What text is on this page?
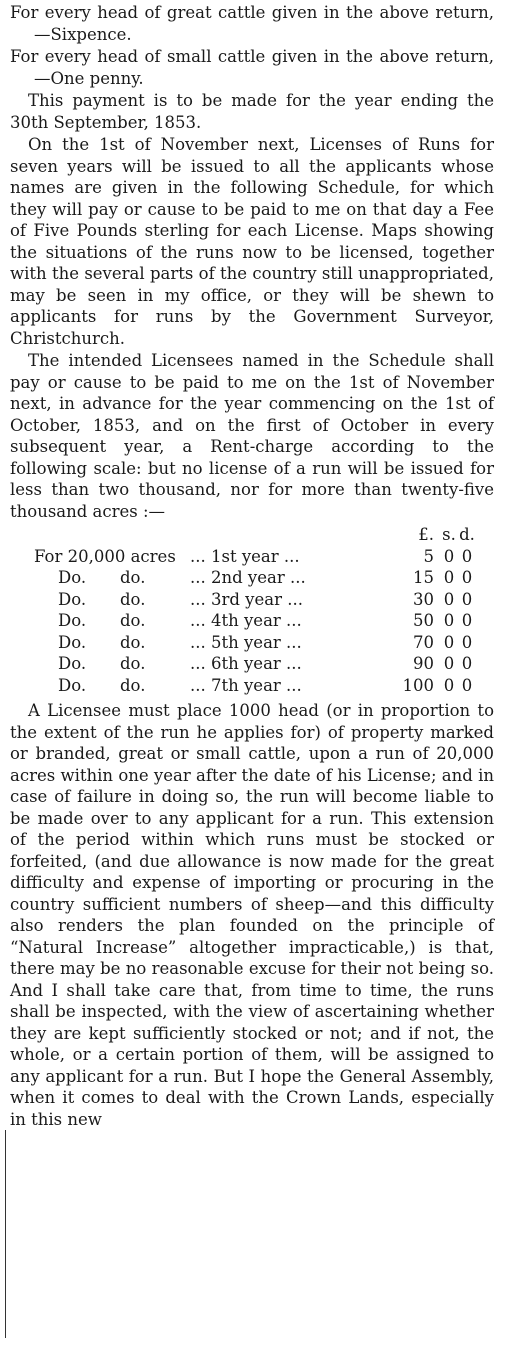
For every head of great cattle given in the above return,—Sixpence.

For every head of small cattle given in the above return,—One penny.

This payment is to be made for the year ending the 30th September, 1853.

On the 1st of November next, Licenses of Runs for seven years will be issued to all the applicants whose names are given in the following Schedule, for which they will pay or cause to be paid to me on that day a Fee of Five Pounds sterling for each License. Maps showing the situations of the runs now to be licensed, together with the several parts of the country still unappropriated, may be seen in my office, or they will be shewn to applicants for runs by the Government Surveyor, Christchurch.

The intended Licensees named in the Schedule shall pay or cause to be paid to me on the 1st of November next, in advance for the year commencing on the 1st of October, 1853, and on the first of October in every subsequent year, a Rent-charge according to the following scale: but no license of a run will be issued for less than two thousand, nor for more than twenty-five thousand acres :—

£. s. d.
For 20,000 acres ... 1st year ...	5 0 0
Do.	do.	... 2nd year ...	15 0 0
Do.	do.	... 3rd year ...	30 0 0
Do.	do.	... 4th year ...	50 0 0
Do.	do.	... 5th year ...	70 0 0
Do.	do.	... 6th year ...	90 0 0
Do.	do.	... 7th year ...	100 0 0

A Licensee must place 1000 head (or in proportion to the extent of the run he applies for) of property marked or branded, great or small cattle, upon a run of 20,000 acres within one year after the date of his License; and in case of failure in doing so, the run will become liable to be made over to any applicant for a run. This extension of the period within which runs must be stocked or forfeited, (and due allowance is now made for the great difficulty and expense of importing or procuring in the country sufficient numbers of sheep—and this difficulty also renders the plan founded on the principle of “Natural Increase” altogether impracticable,) is that, there may be no reasonable excuse for their not being so. And I shall take care that, from time to time, the runs shall be inspected, with the view of ascertaining whether they are kept sufficiently stocked or not; and if not, the whole, or a certain portion of them, will be assigned to any applicant for a run. But I hope the General Assembly, when it comes to deal with the Crown Lands, especially in this new
